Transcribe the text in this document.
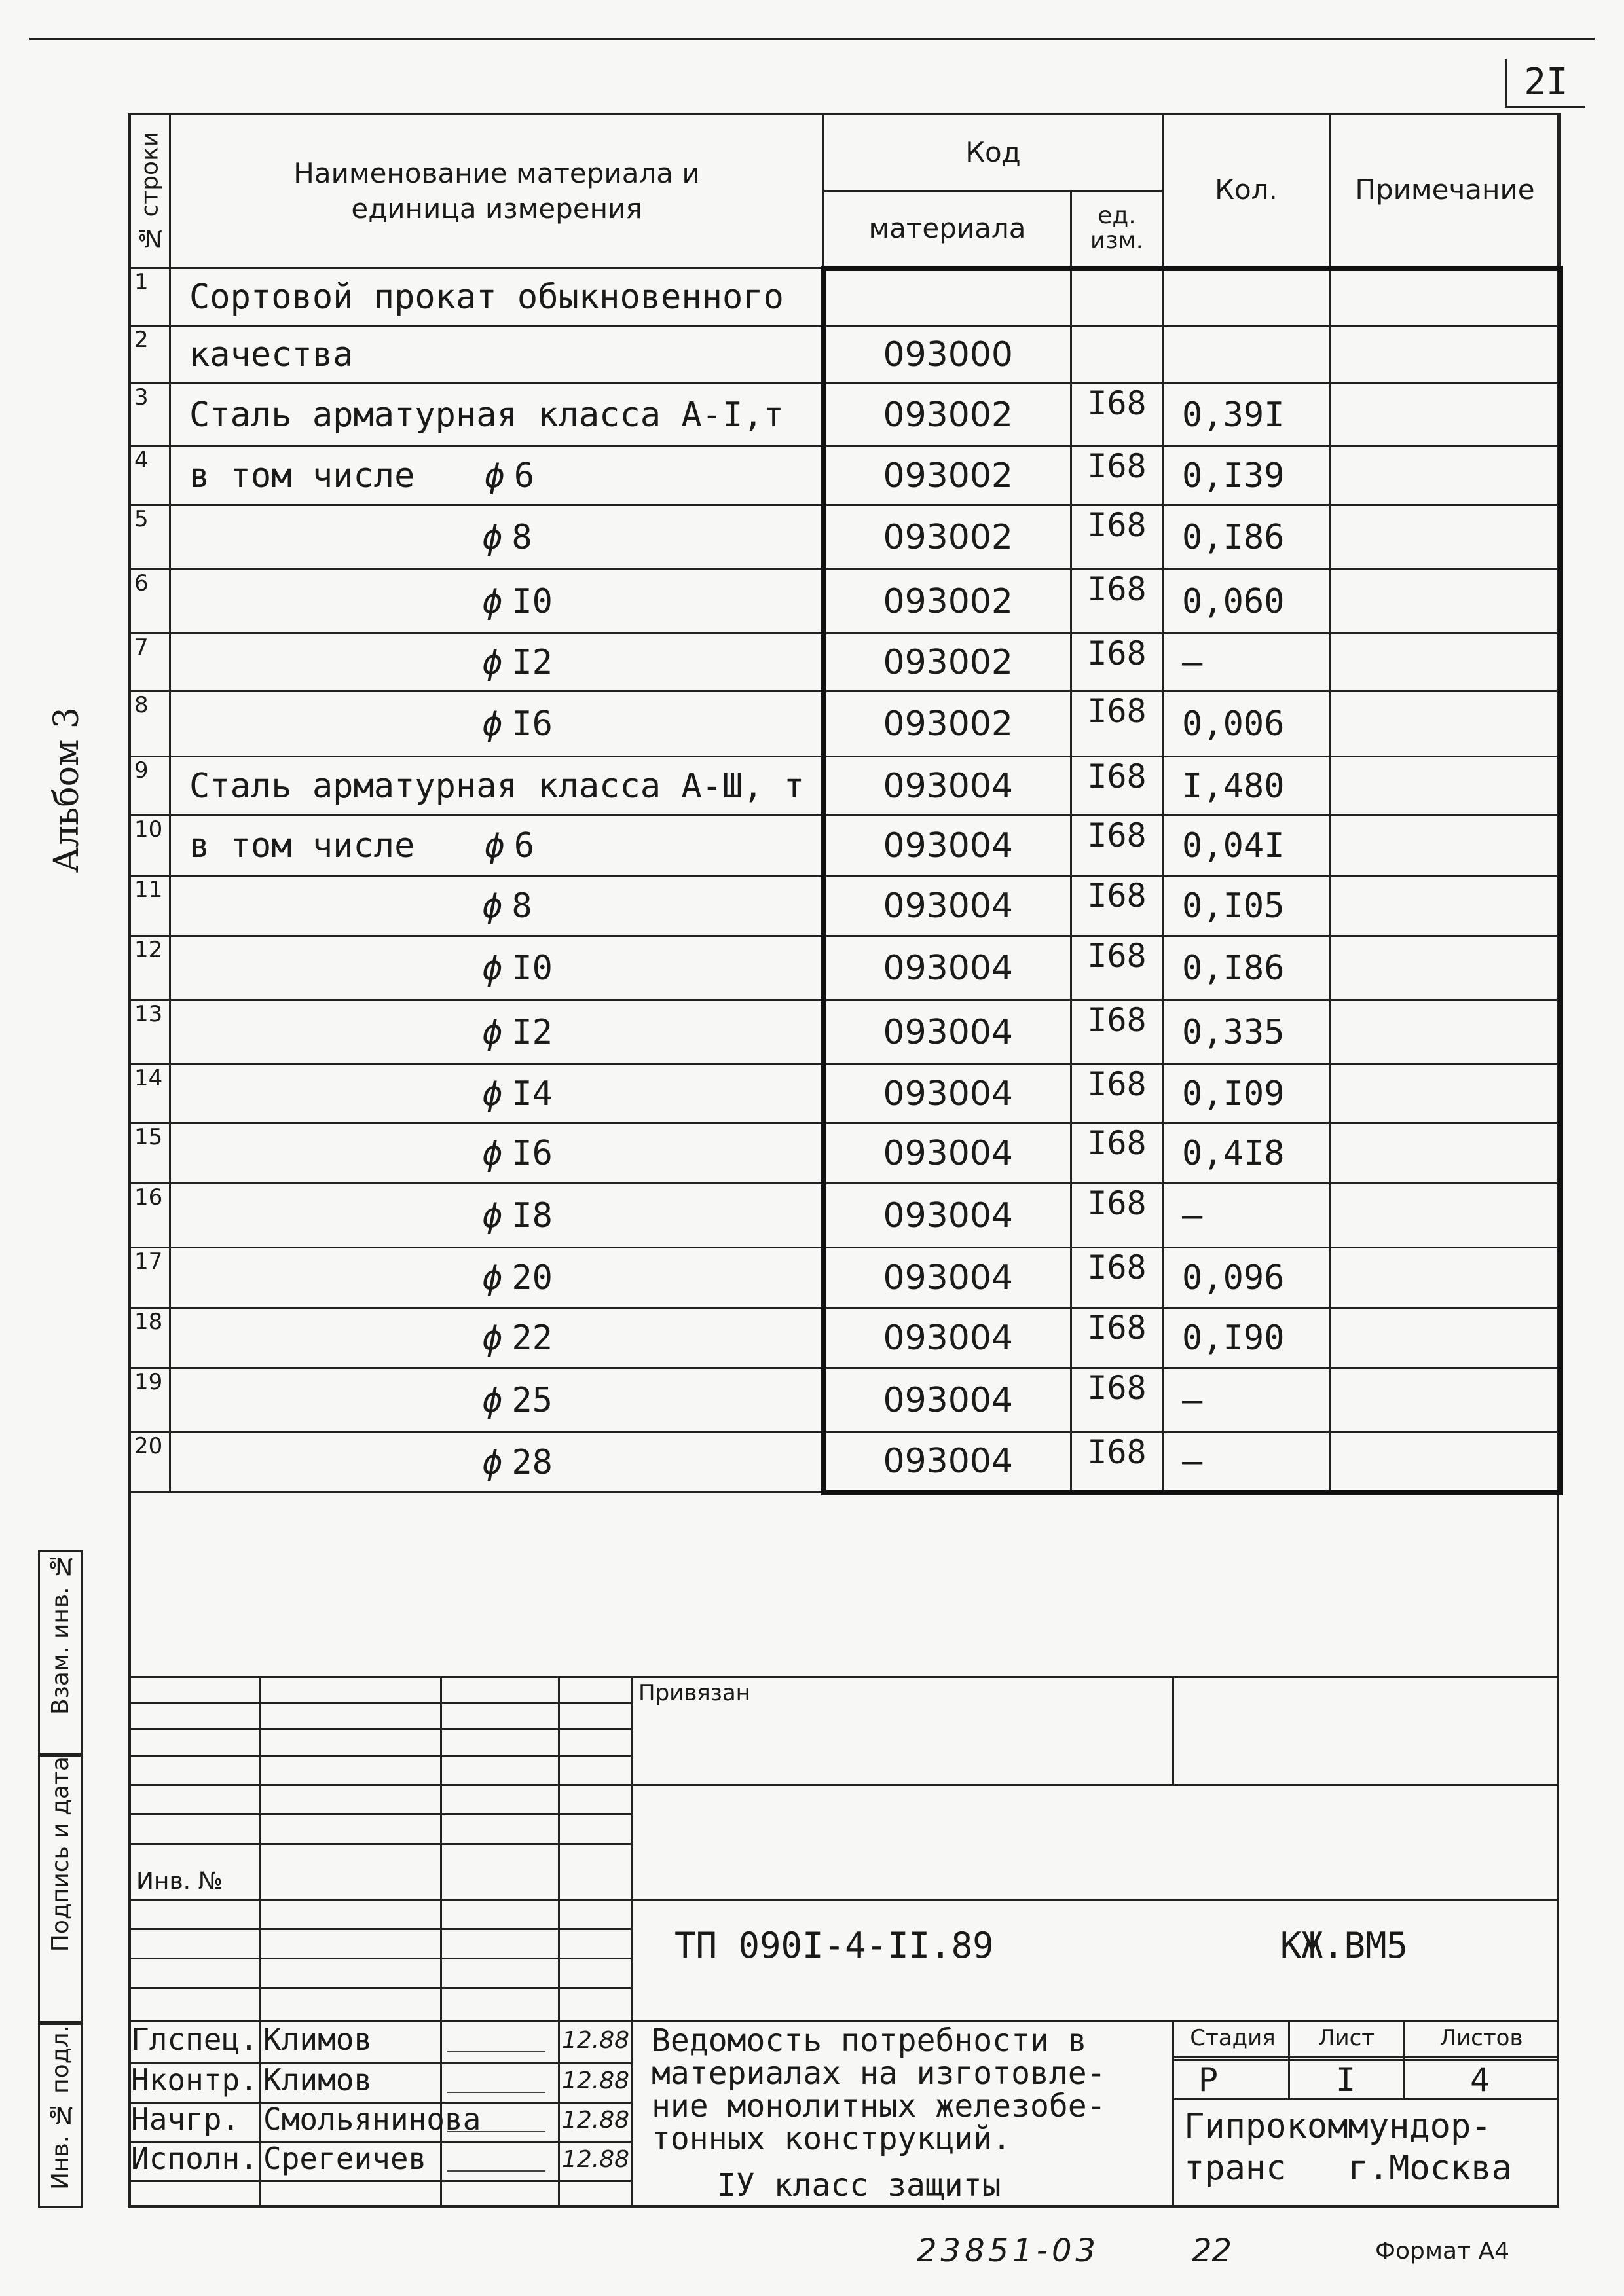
2I
Альбом 3
№ строки	Наименование материала и единица измерения	Код		Кол.	Примечание
		материала	ед. изм.		
1	Сортовой прокат обыкновенного				
2	качества	093000			
3	Сталь арматурная класса А-I,т	093002	I68	0,39I	
4	в том числе ϕ 6	093002	I68	0,I39	
5	ϕ 8	093002	I68	0,I86	
6	ϕ I0	093002	I68	0,060	
7	ϕ I2	093002	I68	–	
8	ϕ I6	093002	I68	0,006	
9	Сталь арматурная класса А-Ш, т	093004	I68	I,480	
10	в том числе ϕ 6	093004	I68	0,04I	
11	ϕ 8	093004	I68	0,I05	
12	ϕ I0	093004	I68	0,I86	
13	ϕ I2	093004	I68	0,335	
14	ϕ I4	093004	I68	0,I09	
15	ϕ I6	093004	I68	0,4I8	
16	ϕ I8	093004	I68	–	
17	ϕ 20	093004	I68	0,096	
18	ϕ 22	093004	I68	0,I90	
19	ϕ 25	093004	I68	–	
20	ϕ 28	093004	I68	–	
Взам. инв. №
Подпись и дата
Инв. № подл.
Привязан
Инв. №
ТП 090I-4-II.89	КЖ.ВМ5
Глспец. Климов	12.88
Нконтр. Климов	12.88
Начгр. Смольянинова	12.88
Исполн. Срегеичев	12.88
Ведомость потребности в
материалах на изготовле-
ние монолитных железобе-
тонных конструкций.
IУ класс защиты
Стадия	Лист	Листов
Р	I	4
Гипрокоммундор-
транс   г.Москва
23851-03	22	Формат А4
